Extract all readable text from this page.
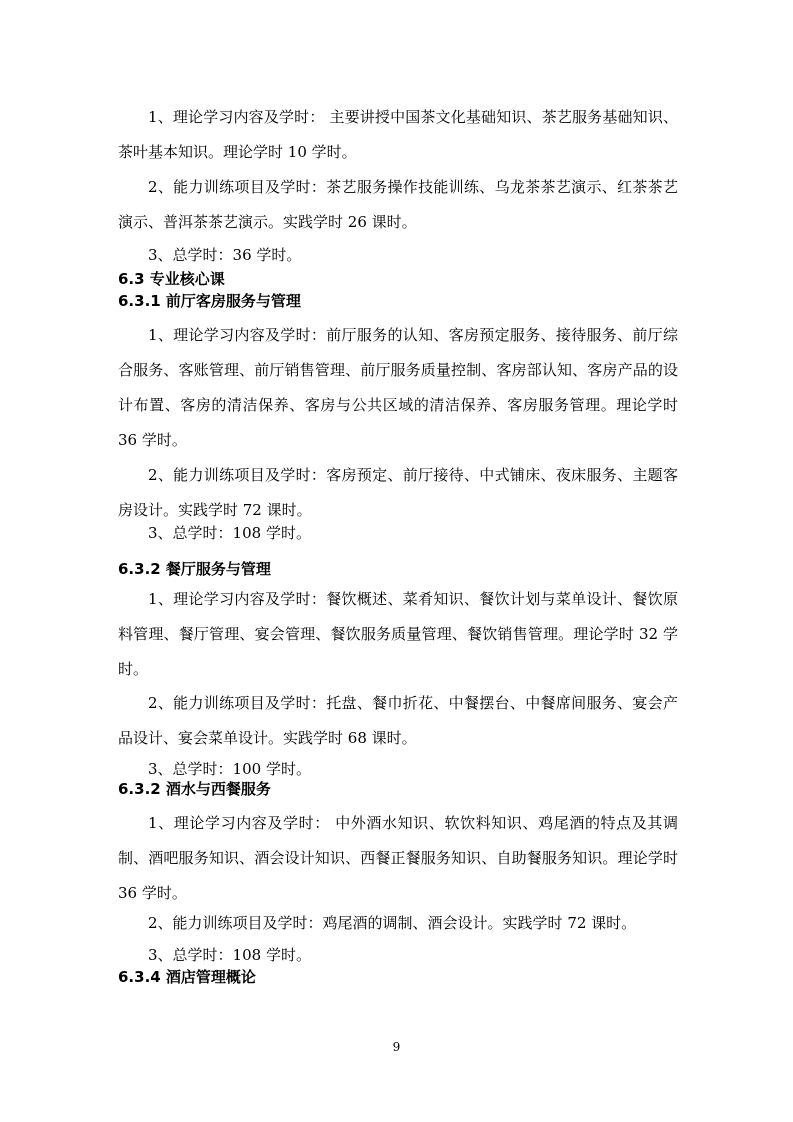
1、理论学习内容及学时： 主要讲授中国茶文化基础知识、茶艺服务基础知识、茶叶基本知识。理论学时 10 学时。
2、能力训练项目及学时：茶艺服务操作技能训练、乌龙茶茶艺演示、红茶茶艺演示、普洱茶茶艺演示。实践学时 26 课时。
3、总学时：36 学时。
6.3 专业核心课
6.3.1 前厅客房服务与管理
1、理论学习内容及学时：前厅服务的认知、客房预定服务、接待服务、前厅综合服务、客账管理、前厅销售管理、前厅服务质量控制、客房部认知、客房产品的设计布置、客房的清洁保养、客房与公共区域的清洁保养、客房服务管理。理论学时 36 学时。
2、能力训练项目及学时：客房预定、前厅接待、中式铺床、夜床服务、主题客房设计。实践学时 72 课时。
3、总学时：108 学时。
6.3.2 餐厅服务与管理
1、理论学习内容及学时：餐饮概述、菜肴知识、餐饮计划与菜单设计、餐饮原料管理、餐厅管理、宴会管理、餐饮服务质量管理、餐饮销售管理。理论学时 32 学时。
2、能力训练项目及学时：托盘、餐巾折花、中餐摆台、中餐席间服务、宴会产品设计、宴会菜单设计。实践学时 68 课时。
3、总学时：100 学时。
6.3.2 酒水与西餐服务
1、理论学习内容及学时： 中外酒水知识、软饮料知识、鸡尾酒的特点及其调制、酒吧服务知识、酒会设计知识、西餐正餐服务知识、自助餐服务知识。理论学时 36 学时。
2、能力训练项目及学时：鸡尾酒的调制、酒会设计。实践学时 72 课时。
3、总学时：108 学时。
6.3.4 酒店管理概论
9
